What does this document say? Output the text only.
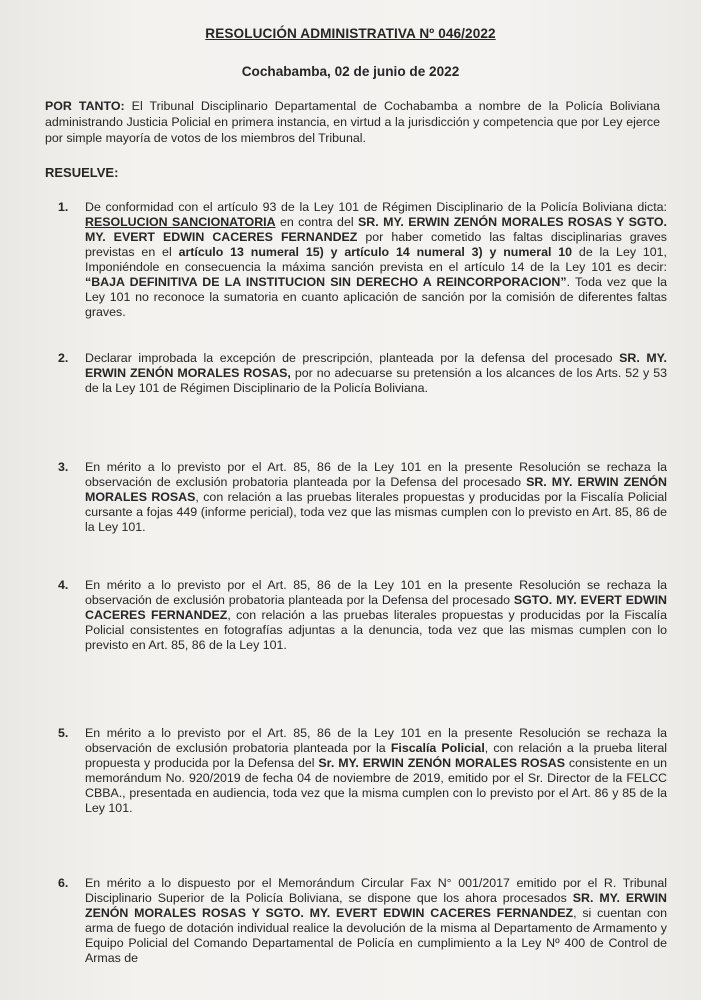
RESOLUCIÓN ADMINISTRATIVA Nº 046/2022
Cochabamba, 02 de junio de 2022
POR TANTO: El Tribunal Disciplinario Departamental de Cochabamba a nombre de la Policía Boliviana administrando Justicia Policial en primera instancia, en virtud a la jurisdicción y competencia que por Ley ejerce por simple mayoría de votos de los miembros del Tribunal.
RESUELVE:
1.	De conformidad con el artículo 93 de la Ley 101 de Régimen Disciplinario de la Policía Boliviana dicta: RESOLUCION SANCIONATORIA en contra del SR. MY. ERWIN ZENÓN MORALES ROSAS Y SGTO. MY. EVERT EDWIN CACERES FERNANDEZ por haber cometido las faltas disciplinarias graves previstas en el artículo 13 numeral 15) y artículo 14 numeral 3) y numeral 10 de la Ley 101, Imponiéndole en consecuencia la máxima sanción prevista en el artículo 14 de la Ley 101 es decir: “BAJA DEFINITIVA DE LA INSTITUCION SIN DERECHO A REINCORPORACION”. Toda vez que la Ley 101 no reconoce la sumatoria en cuanto aplicación de sanción por la comisión de diferentes faltas graves.
2.	Declarar improbada la excepción de prescripción, planteada por la defensa del procesado SR. MY. ERWIN ZENÓN MORALES ROSAS, por no adecuarse su pretensión a los alcances de los Arts. 52 y 53 de la Ley 101 de Régimen Disciplinario de la Policía Boliviana.
3.	En mérito a lo previsto por el Art. 85, 86 de la Ley 101 en la presente Resolución se rechaza la observación de exclusión probatoria planteada por la Defensa del procesado SR. MY. ERWIN ZENÓN MORALES ROSAS, con relación a las pruebas literales propuestas y producidas por la Fiscalía Policial cursante a fojas 449 (informe pericial), toda vez que las mismas cumplen con lo previsto en Art. 85, 86 de la Ley 101.
4.	En mérito a lo previsto por el Art. 85, 86 de la Ley 101 en la presente Resolución se rechaza la observación de exclusión probatoria planteada por la Defensa del procesado SGTO. MY. EVERT EDWIN CACERES FERNANDEZ, con relación a las pruebas literales propuestas y producidas por la Fiscalía Policial consistentes en fotografías adjuntas a la denuncia, toda vez que las mismas cumplen con lo previsto en Art. 85, 86 de la Ley 101.
5.	En mérito a lo previsto por el Art. 85, 86 de la Ley 101 en la presente Resolución se rechaza la observación de exclusión probatoria planteada por la Fiscalía Policial, con relación a la prueba literal propuesta y producida por la Defensa del Sr. MY. ERWIN ZENÓN MORALES ROSAS consistente en un memorándum No. 920/2019 de fecha 04 de noviembre de 2019, emitido por el Sr. Director de la FELCC CBBA., presentada en audiencia, toda vez que la misma cumplen con lo previsto por el Art. 86 y 85 de la Ley 101.
6.	En mérito a lo dispuesto por el Memorándum Circular Fax N° 001/2017 emitido por el R. Tribunal Disciplinario Superior de la Policía Boliviana, se dispone que los ahora procesados SR. MY. ERWIN ZENÓN MORALES ROSAS Y SGTO. MY. EVERT EDWIN CACERES FERNANDEZ, si cuentan con arma de fuego de dotación individual realice la devolución de la misma al Departamento de Armamento y Equipo Policial del Comando Departamental de Policía en cumplimiento a la Ley Nº 400 de Control de Armas de
